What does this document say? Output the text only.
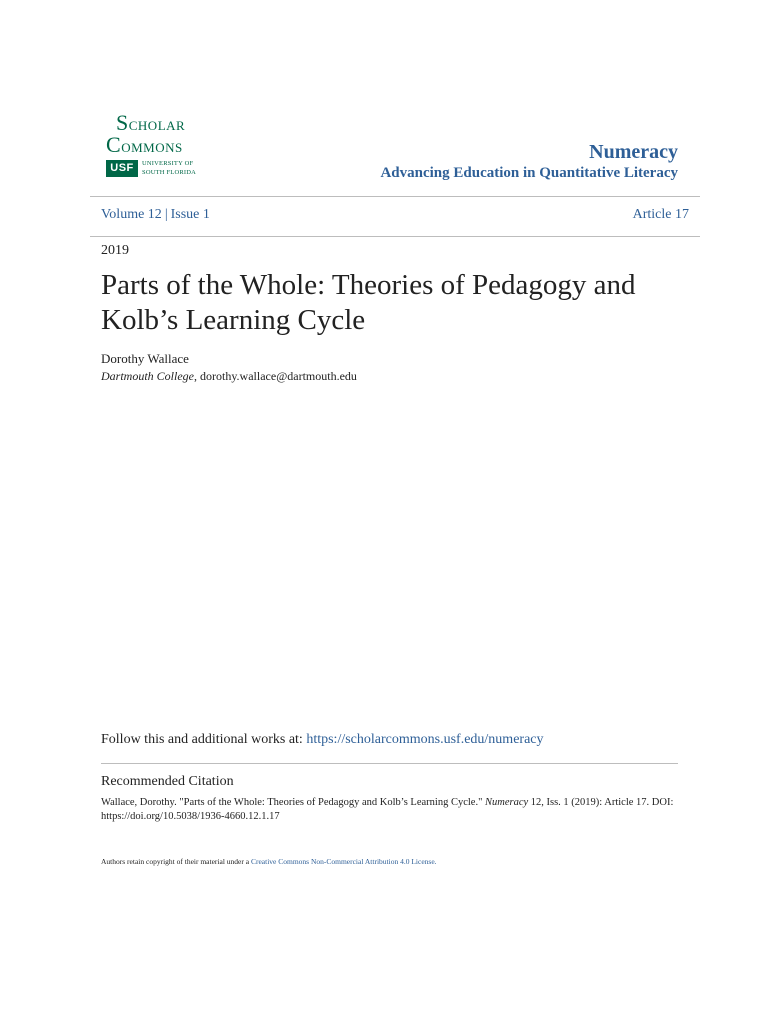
SCHOLAR
COMMONS
USF	UNIVERSITY OF
SOUTH FLORIDA
Numeracy
Advancing Education in Quantitative Literacy
Volume 12 | Issue 1	Article 17
2019
Parts of the Whole: Theories of Pedagogy and Kolb’s Learning Cycle
Dorothy Wallace
Dartmouth College, dorothy.wallace@dartmouth.edu
Follow this and additional works at: https://scholarcommons.usf.edu/numeracy
Recommended Citation
Wallace, Dorothy. "Parts of the Whole: Theories of Pedagogy and Kolb’s Learning Cycle." Numeracy 12, Iss. 1 (2019): Article 17. DOI: https://doi.org/10.5038/1936-4660.12.1.17
Authors retain copyright of their material under a Creative Commons Non-Commercial Attribution 4.0 License.
